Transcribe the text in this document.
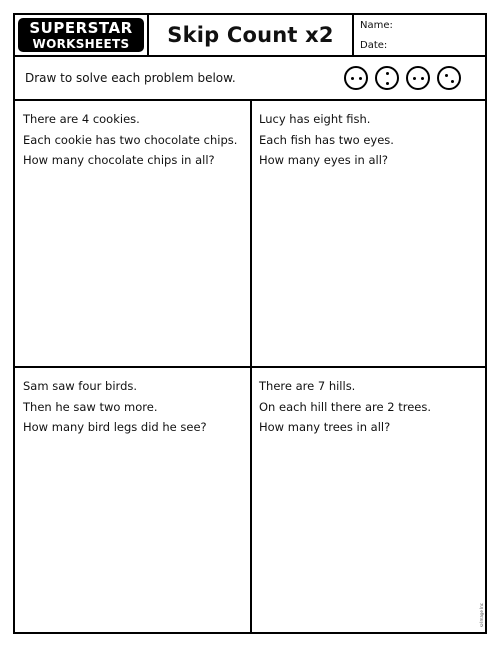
SUPERSTAR
WORKSHEETS Skip Count x2	Name:
Date:
Draw to solve each problem below.
There are 4 cookies.
Each cookie has two chocolate chips.
How many chocolate chips in all?
Lucy has eight fish.
Each fish has two eyes.
How many eyes in all?
Sam saw four birds.
Then he saw two more.
How many bird legs did he see?
There are 7 hills.
On each hill there are 2 trees.
How many trees in all?
©Image Inc
